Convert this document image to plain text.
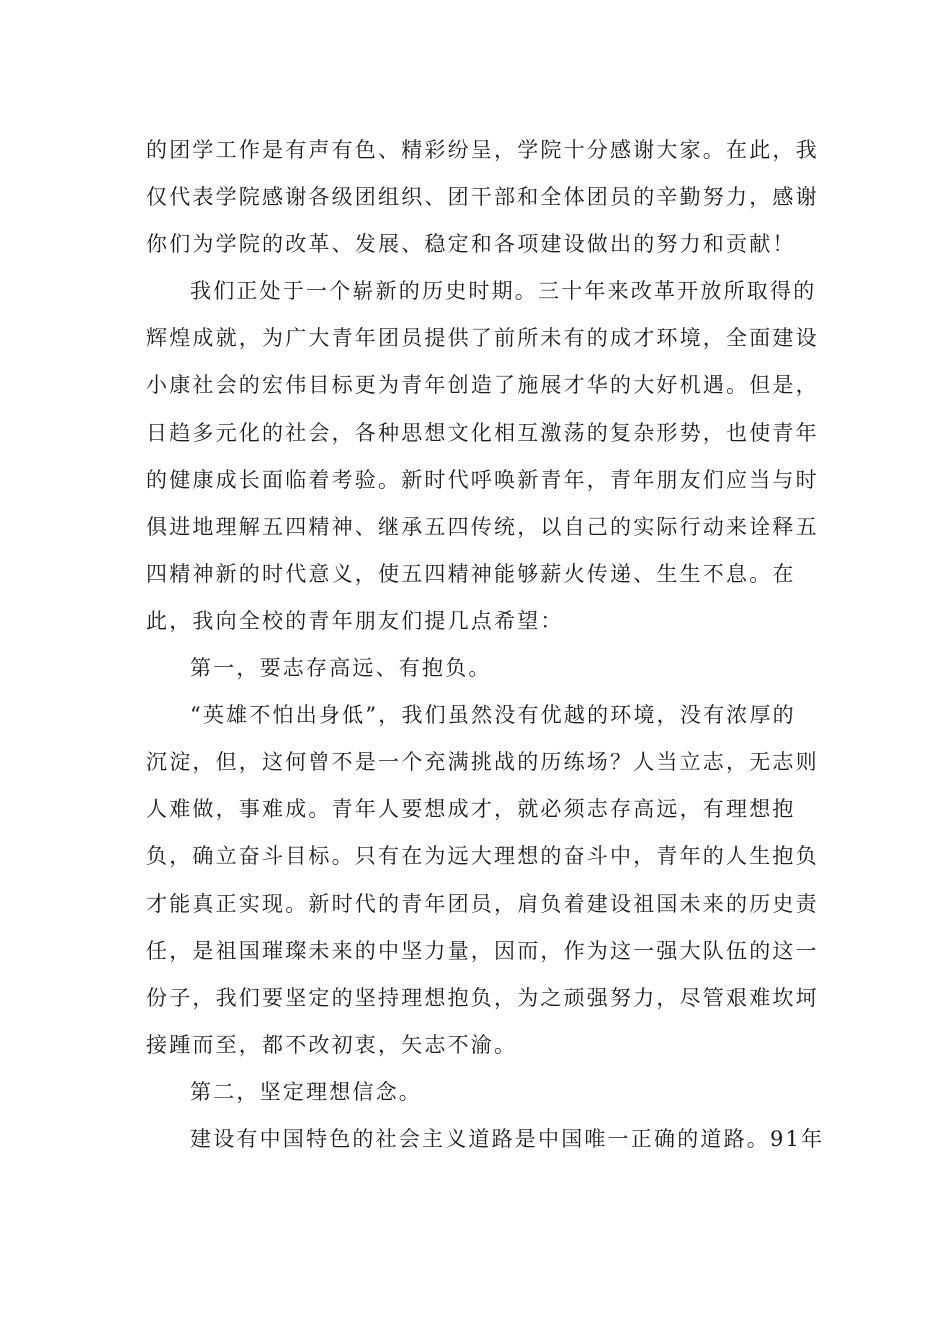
的团学工作是有声有色、精彩纷呈，学院十分感谢大家。在此，我
仅代表学院感谢各级团组织、团干部和全体团员的辛勤努力，感谢
你们为学院的改革、发展、稳定和各项建设做出的努力和贡献！
我们正处于一个崭新的历史时期。三十年来改革开放所取得的
辉煌成就，为广大青年团员提供了前所未有的成才环境，全面建设
小康社会的宏伟目标更为青年创造了施展才华的大好机遇。但是，
日趋多元化的社会，各种思想文化相互激荡的复杂形势，也使青年
的健康成长面临着考验。新时代呼唤新青年，青年朋友们应当与时
俱进地理解五四精神、继承五四传统，以自己的实际行动来诠释五
四精神新的时代意义，使五四精神能够薪火传递、生生不息。在
此，我向全校的青年朋友们提几点希望：
第一，要志存高远、有抱负。
“英雄不怕出身低”，我们虽然没有优越的环境，没有浓厚的
沉淀，但，这何曾不是一个充满挑战的历练场？人当立志，无志则
人难做，事难成。青年人要想成才，就必须志存高远，有理想抱
负，确立奋斗目标。只有在为远大理想的奋斗中，青年的人生抱负
才能真正实现。新时代的青年团员，肩负着建设祖国未来的历史责
任，是祖国璀璨未来的中坚力量，因而，作为这一强大队伍的这一
份子，我们要坚定的坚持理想抱负，为之顽强努力，尽管艰难坎坷
接踵而至，都不改初衷，矢志不渝。
第二，坚定理想信念。
建设有中国特色的社会主义道路是中国唯一正确的道路。91年
